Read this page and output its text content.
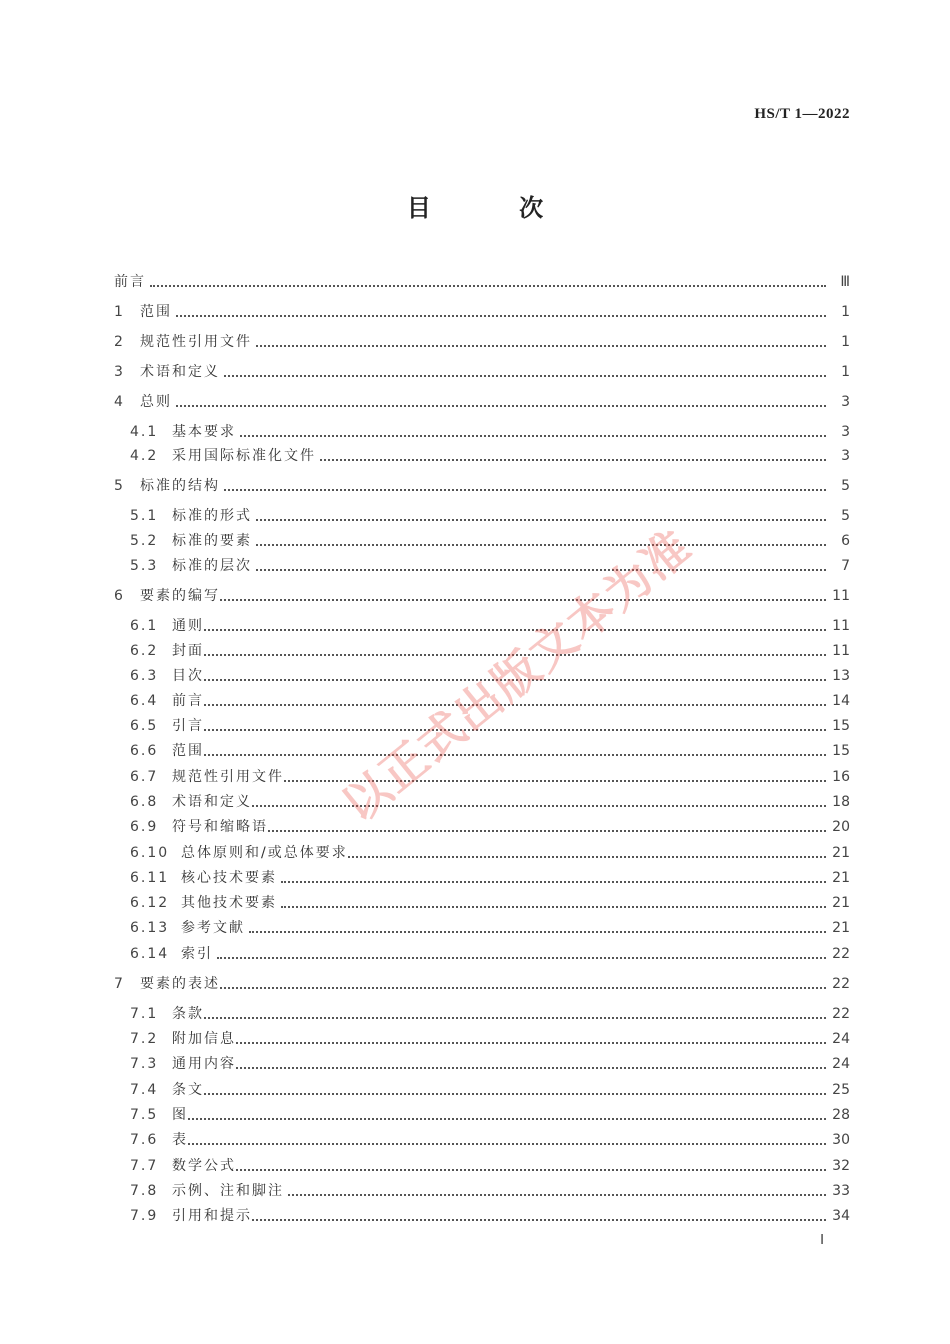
HS/T 1—2022
目 次
前言	Ⅲ
1	范围	1
2	规范性引用文件	1
3	术语和定义	1
4	总则	3
4.1 基本要求	3
4.2 采用国际标准化文件	3
5	标准的结构	5
5.1 标准的形式	5
5.2 标准的要素	6
5.3 标准的层次	7
6	要素的编写	11
6.1 通则	11
6.2 封面	11
6.3 目次	13
6.4 前言	14
6.5 引言	15
6.6 范围	15
6.7 规范性引用文件	16
6.8 术语和定义	18
6.9 符号和缩略语	20
6.10 总体原则和/或总体要求	21
6.11 核心技术要素	21
6.12 其他技术要素	21
6.13 参考文献	21
6.14 索引	22
7	要素的表述	22
7.1 条款	22
7.2 附加信息	24
7.3 通用内容	24
7.4 条文	25
7.5 图	28
7.6 表	30
7.7 数学公式	32
7.8 示例、注和脚注	33
7.9 引用和提示	34
Ⅰ
以正式出版文本为准
